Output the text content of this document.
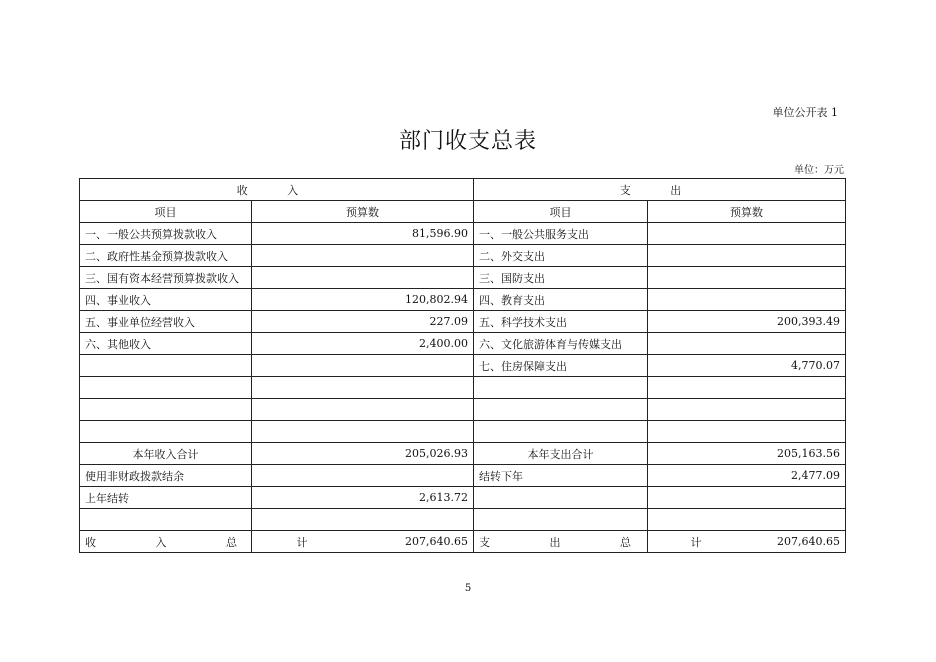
单位公开表 1
部门收支总表
单位：万元
收 入		支 出	
项目	预算数	项目	预算数
一、一般公共预算拨款收入	81,596.90	一、一般公共服务支出	
二、政府性基金预算拨款收入		二、外交支出	
三、国有资本经营预算拨款收入		三、国防支出	
四、事业收入	120,802.94	四、教育支出	
五、事业单位经营收入	227.09	五、科学技术支出	200,393.49
六、其他收入	2,400.00	六、文化旅游体育与传媒支出	
		七、住房保障支出	4,770.07

本年收入合计	205,026.93	本年支出合计	205,163.56
使用非财政拨款结余		结转下年	2,477.09
上年结转	2,613.72		

收 入 总 计	207,640.65	支 出 总 计	207,640.65
5
